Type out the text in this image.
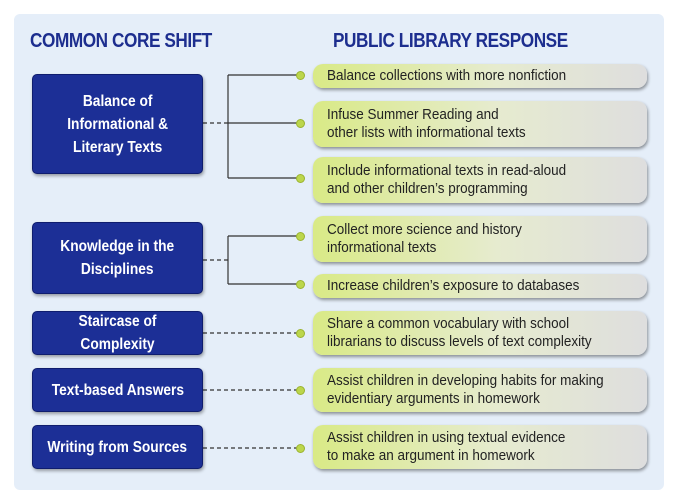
COMMON CORE SHIFT	PUBLIC LIBRARY RESPONSE
Balance of
Informational &
Literary Texts
Knowledge in the
Disciplines
Staircase of Complexity
Text-based Answers
Writing from Sources
Balance collections with more nonfiction
Infuse Summer Reading and
other lists with informational texts
Include informational texts in read-aloud
and other children’s programming
Collect more science and history
informational texts
Increase children’s exposure to databases
Share a common vocabulary with school
librarians to discuss levels of text complexity
Assist children in developing habits for making
evidentiary arguments in homework
Assist children in using textual evidence
to make an argument in homework
